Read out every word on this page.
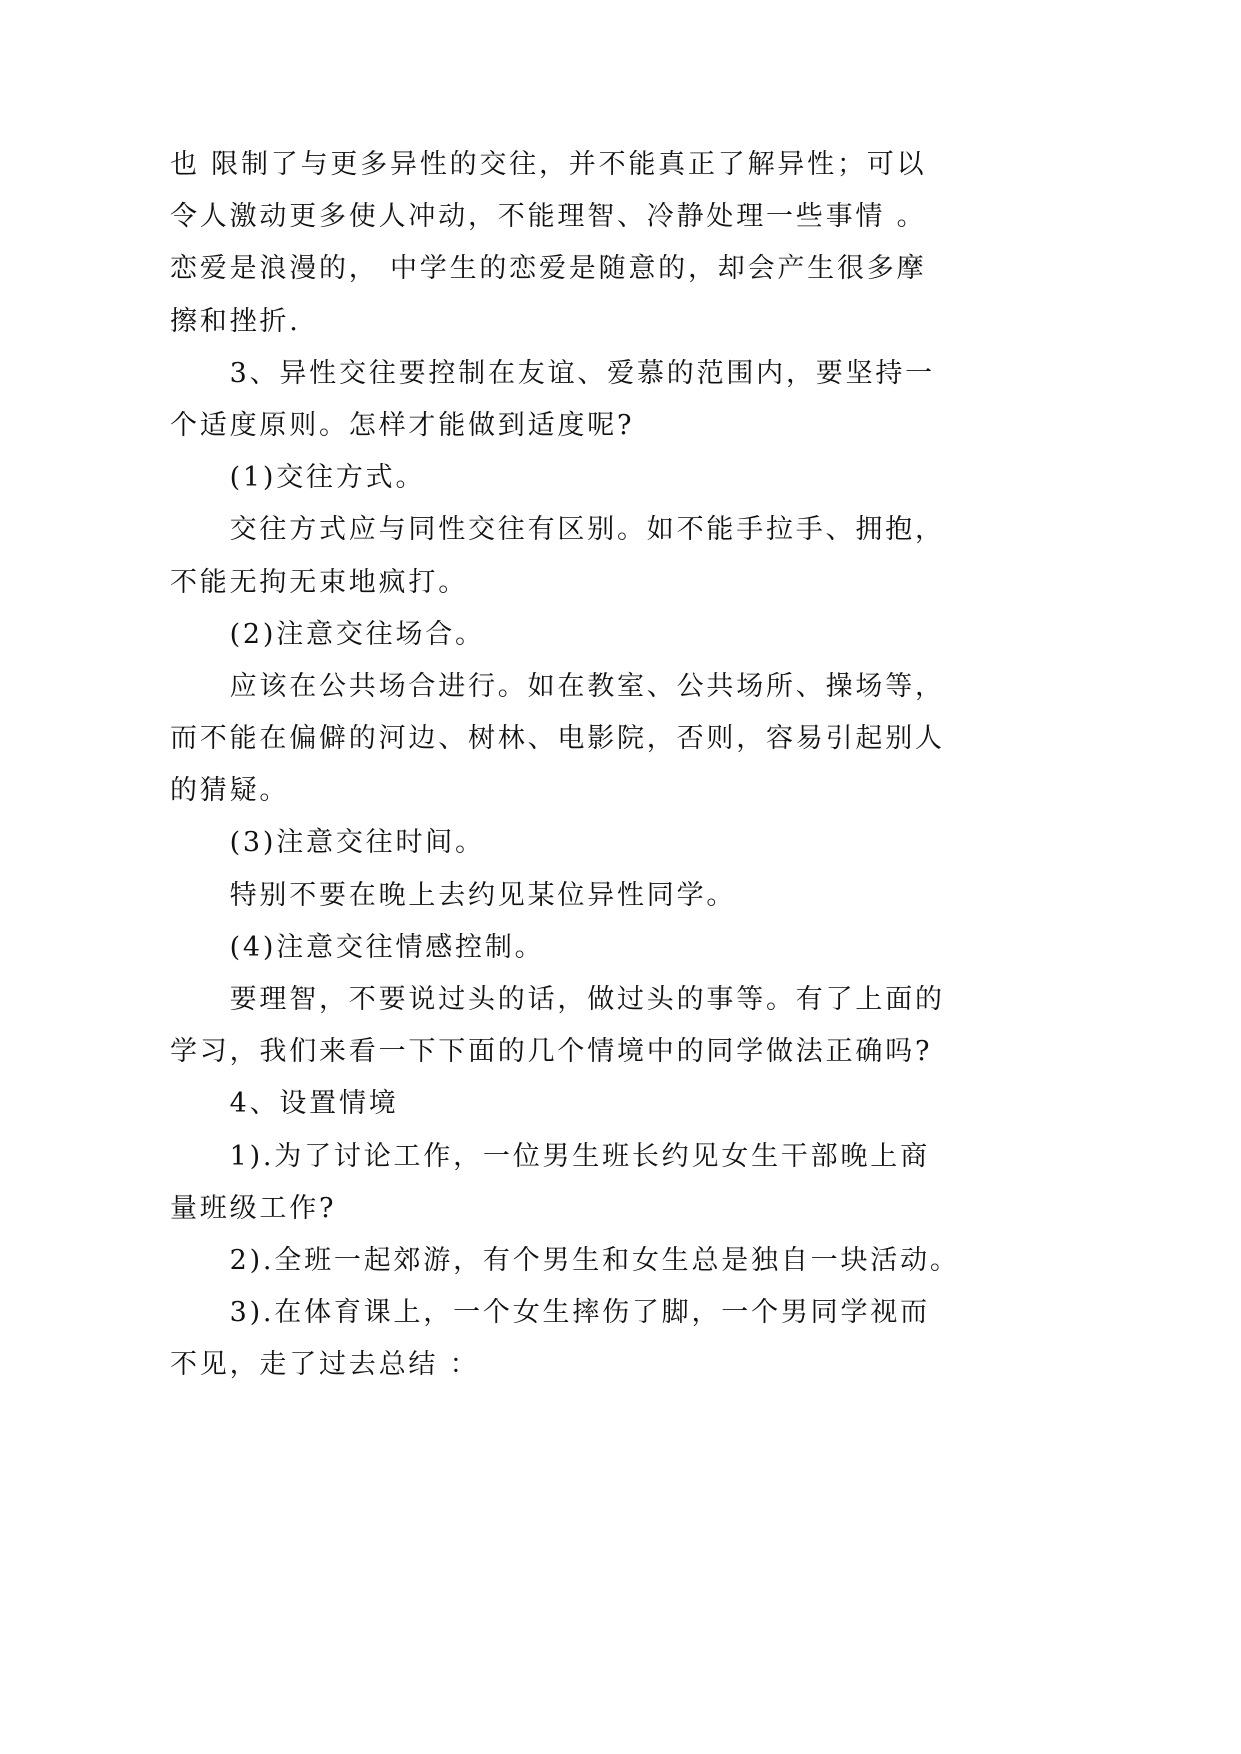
也 限制了与更多异性的交往，并不能真正了解异性；可以
令人激动更多使人冲动，不能理智、冷静处理一些事情 。
恋爱是浪漫的， 中学生的恋爱是随意的，却会产生很多摩
擦和挫折.
3、异性交往要控制在友谊、爱慕的范围内，要坚持一
个适度原则。怎样才能做到适度呢?
(1)交往方式。
交往方式应与同性交往有区别。如不能手拉手、拥抱，
不能无拘无束地疯打。
(2)注意交往场合。
应该在公共场合进行。如在教室、公共场所、操场等，
而不能在偏僻的河边、树林、电影院，否则，容易引起别人
的猜疑。
(3)注意交往时间。
特别不要在晚上去约见某位异性同学。
(4)注意交往情感控制。
要理智，不要说过头的话，做过头的事等。有了上面的
学习，我们来看一下下面的几个情境中的同学做法正确吗?
4、设置情境
1).为了讨论工作，一位男生班长约见女生干部晚上商
量班级工作?
2).全班一起郊游，有个男生和女生总是独自一块活动。
3).在体育课上，一个女生摔伤了脚，一个男同学视而
不见，走了过去总结 ：
